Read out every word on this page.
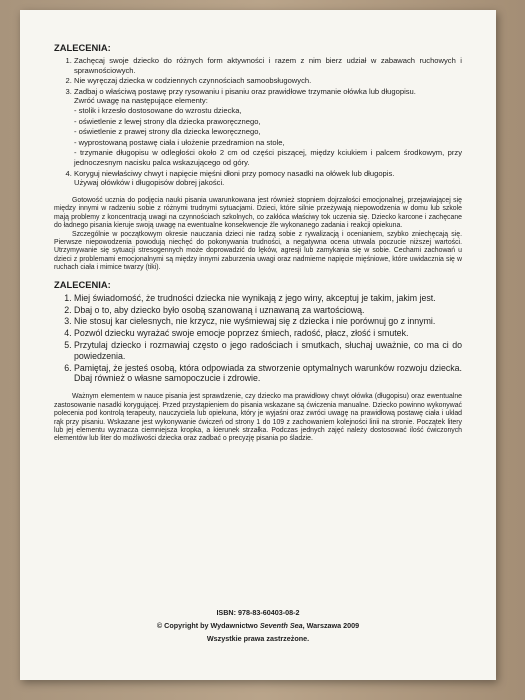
ZALECENIA:
1. Zachęcaj swoje dziecko do różnych form aktywności i razem z nim bierz udział w zabawach ruchowych i sprawnościowych.
2. Nie wyręczaj dziecka w codziennych czynnościach samoobsługowych.
3. Zadbaj o właściwą postawę przy rysowaniu i pisaniu oraz prawidłowe trzymanie ołówka lub długopisu.
Zwróć uwagę na następujące elementy:
- stolik i krzesło dostosowane do wzrostu dziecka,
- oświetlenie z lewej strony dla dziecka praworęcznego,
- oświetlenie z prawej strony dla dziecka leworęcznego,
- wyprostowaną postawę ciała i ułożenie przedramion na stole,
- trzymanie długopisu w odległości około 2 cm od części piszącej, między kciukiem i palcem środkowym, przy jednoczesnym nacisku palca wskazującego od góry.
4. Koryguj niewłaściwy chwyt i napięcie mięśni dłoni przy pomocy nasadki na ołówek lub długopis.
Używaj ołówków i długopisów dobrej jakości.

Gotowość ucznia do podjęcia nauki pisania uwarunkowana jest również stopniem dojrzałości emocjonalnej, przejawiającej się między innymi w radzeniu sobie z różnymi trudnymi sytuacjami. Dzieci, które silnie przeżywają niepowodzenia w domu lub szkole mają problemy z koncentracją uwagi na czynnościach szkolnych, co zakłóca właściwy tok uczenia się. Dziecko karcone i zachęcane do ładnego pisania kieruje swoją uwagę na ewentualne konsekwencje źle wykonanego zadania i reakcji opiekuna.

Szczególnie w początkowym okresie nauczania dzieci nie radzą sobie z rywalizacją i ocenianiem, szybko zniechęcają się. Pierwsze niepowodzenia powodują niechęć do pokonywania trudności, a negatywna ocena utrwala poczucie niższej wartości. Utrzymywanie się sytuacji stresogennych może doprowadzić do lęków, agresji lub zamykania się w sobie. Cechami zachowań u dzieci z problemami emocjonalnymi są między innymi zaburzenia uwagi oraz nadmierne napięcie mięśniowe, które uwidacznia się w ruchach ciała i mimice twarzy (tiki).

ZALECENIA:
1. Miej świadomość, że trudności dziecka nie wynikają z jego winy, akceptuj je takim, jakim jest.
2. Dbaj o to, aby dziecko było osobą szanowaną i uznawaną za wartościową.
3. Nie stosuj kar cielesnych, nie krzycz, nie wyśmiewaj się z dziecka i nie porównuj go z innymi.
4. Pozwól dziecku wyrażać swoje emocje poprzez śmiech, radość, płacz, złość i smutek.
5. Przytulaj dziecko i rozmawiaj często o jego radościach i smutkach, słuchaj uważnie, co ma ci do powiedzenia.
6. Pamiętaj, że jesteś osobą, która odpowiada za stworzenie optymalnych warunków rozwoju dziecka. Dbaj również o własne samopoczucie i zdrowie.

Ważnym elementem w nauce pisania jest sprawdzenie, czy dziecko ma prawidłowy chwyt ołówka (długopisu) oraz ewentualne zastosowanie nasadki korygującej. Przed przystąpieniem do pisania wskazane są ćwiczenia manualne. Dziecko powinno wykonywać polecenia pod kontrolą terapeuty, nauczyciela lub opiekuna, który je wyjaśni oraz zwróci uwagę na prawidłową postawę ciała i układ rąk przy pisaniu. Wskazane jest wykonywanie ćwiczeń od strony 1 do 109 z zachowaniem kolejności linii na stronie. Początek litery lub jej elementu wyznacza ciemniejsza kropka, a kierunek strzałka. Podczas jednych zajęć należy dostosować ilość ćwiczonych elementów lub liter do możliwości dziecka oraz zadbać o precyzję pisania po śladzie.

ISBN: 978-83-60403-08-2
© Copyright by Wydawnictwo Seventh Sea, Warszawa 2009
Wszystkie prawa zastrzeżone.
